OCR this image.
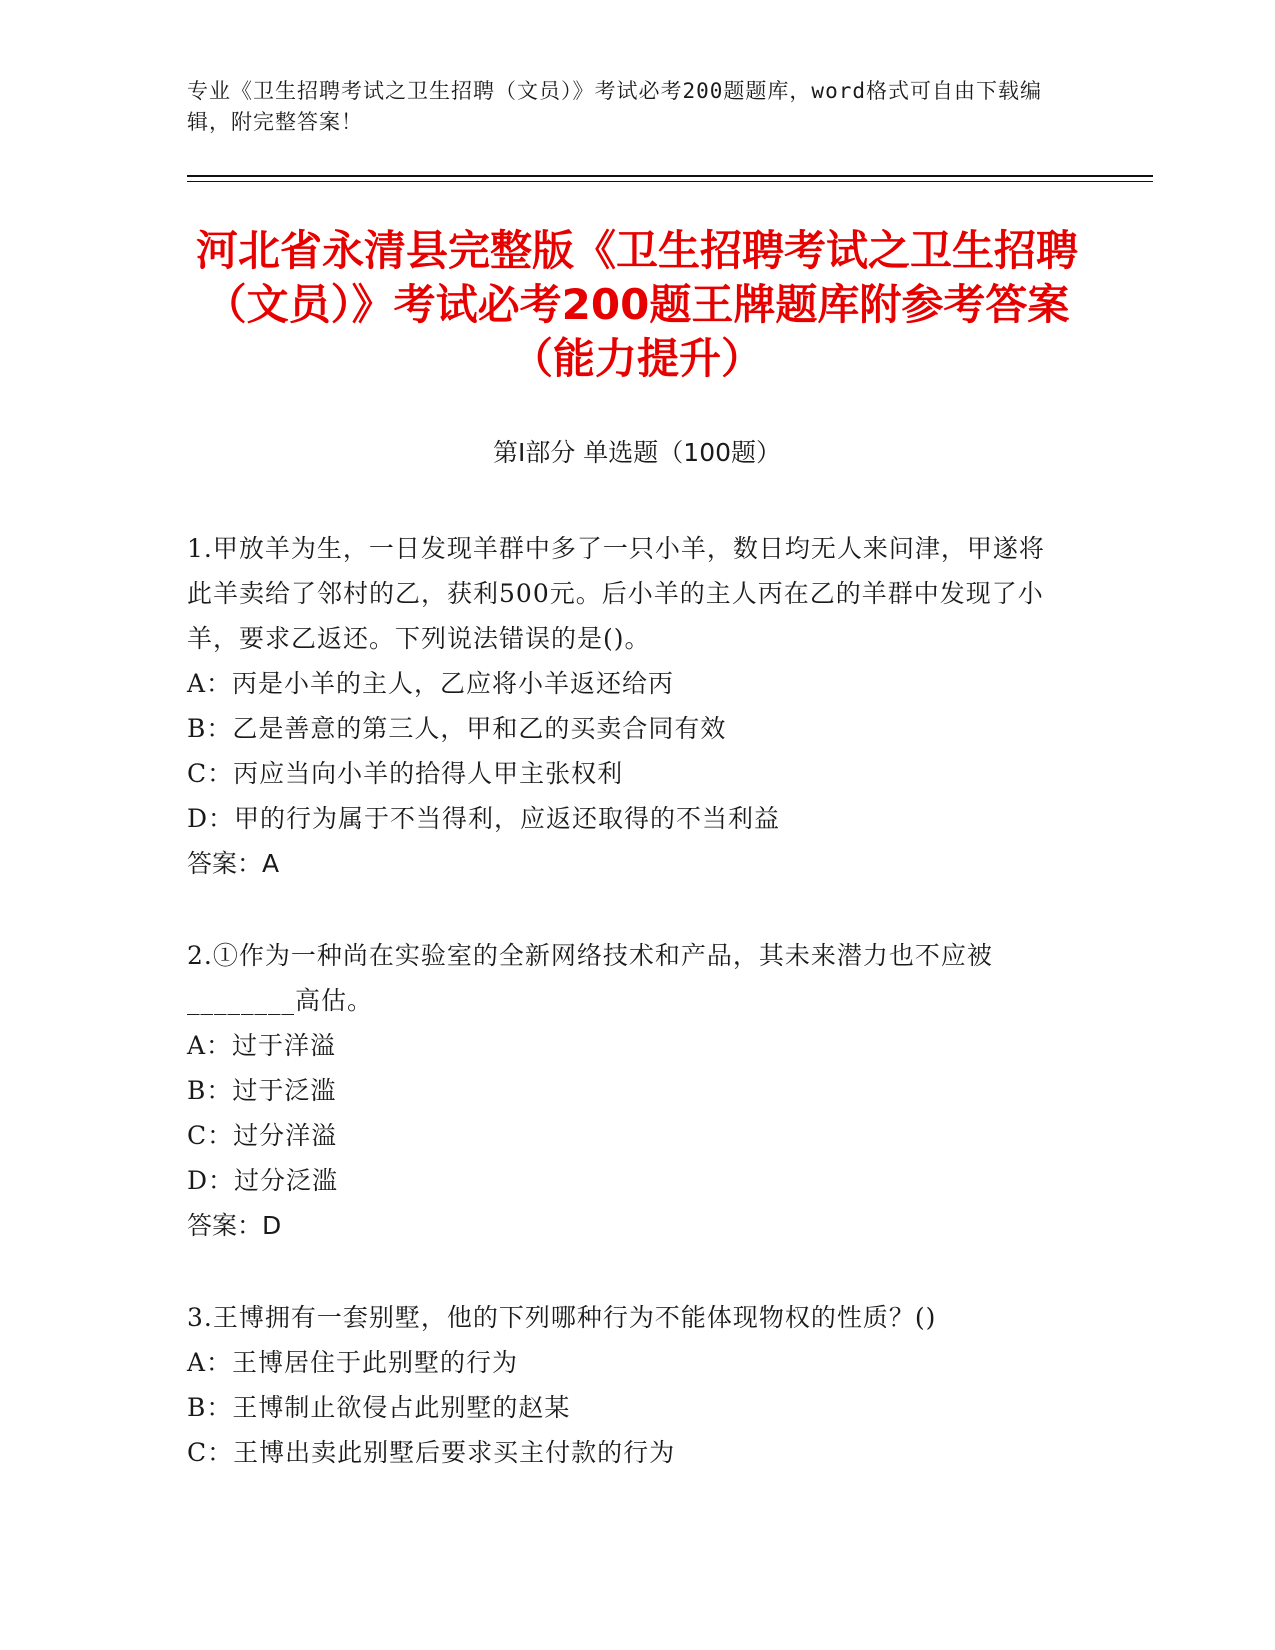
专业《卫生招聘考试之卫生招聘（文员）》考试必考200题题库，word格式可自由下载编辑，附完整答案！
河北省永清县完整版《卫生招聘考试之卫生招聘（文员）》考试必考200题王牌题库附参考答案（能力提升）
第Ⅰ部分 单选题（100题）
1.甲放羊为生，一日发现羊群中多了一只小羊，数日均无人来问津，甲遂将此羊卖给了邻村的乙，获利500元。后小羊的主人丙在乙的羊群中发现了小羊，要求乙返还。下列说法错误的是()。
A：丙是小羊的主人，乙应将小羊返还给丙
B：乙是善意的第三人，甲和乙的买卖合同有效
C：丙应当向小羊的拾得人甲主张权利
D：甲的行为属于不当得利，应返还取得的不当利益
答案：A
2.①作为一种尚在实验室的全新网络技术和产品，其未来潜力也不应被________高估。
A：过于洋溢
B：过于泛滥
C：过分洋溢
D：过分泛滥
答案：D
3.王博拥有一套别墅，他的下列哪种行为不能体现物权的性质？()
A：王博居住于此别墅的行为
B：王博制止欲侵占此别墅的赵某
C：王博出卖此别墅后要求买主付款的行为
